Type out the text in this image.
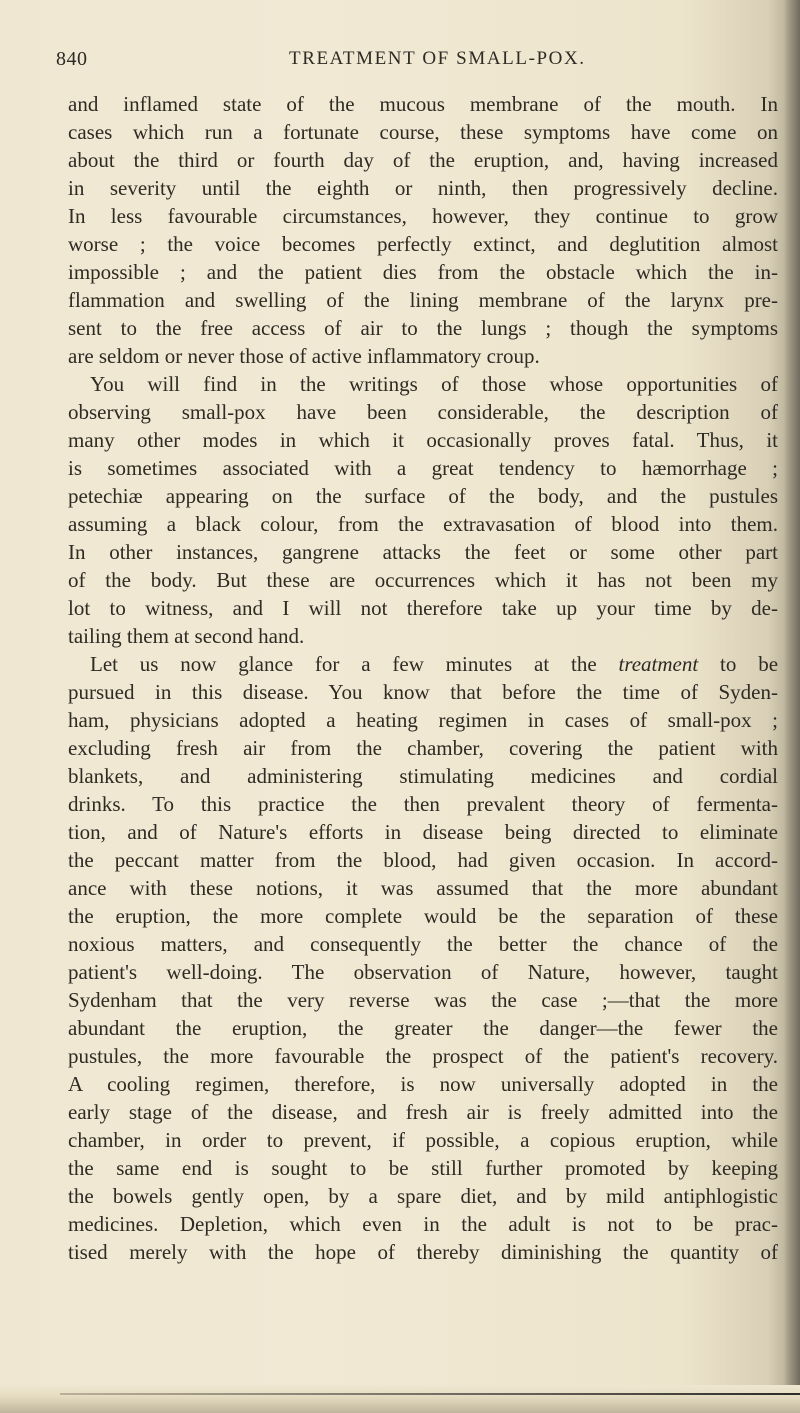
840	TREATMENT OF SMALL-POX.
and inflamed state of the mucous membrane of the mouth. In
cases which run a fortunate course, these symptoms have come on
about the third or fourth day of the eruption, and, having increased
in severity until the eighth or ninth, then progressively decline.
In less favourable circumstances, however, they continue to grow
worse ; the voice becomes perfectly extinct, and deglutition almost
impossible ; and the patient dies from the obstacle which the in-
flammation and swelling of the lining membrane of the larynx pre-
sent to the free access of air to the lungs ; though the symptoms
are seldom or never those of active inflammatory croup.
You will find in the writings of those whose opportunities of
observing small-pox have been considerable, the description of
many other modes in which it occasionally proves fatal. Thus, it
is sometimes associated with a great tendency to hæmorrhage ;
petechiæ appearing on the surface of the body, and the pustules
assuming a black colour, from the extravasation of blood into them.
In other instances, gangrene attacks the feet or some other part
of the body. But these are occurrences which it has not been my
lot to witness, and I will not therefore take up your time by de-
tailing them at second hand.
Let us now glance for a few minutes at the treatment to be
pursued in this disease. You know that before the time of Syden-
ham, physicians adopted a heating regimen in cases of small-pox ;
excluding fresh air from the chamber, covering the patient with
blankets, and administering stimulating medicines and cordial
drinks. To this practice the then prevalent theory of fermenta-
tion, and of Nature's efforts in disease being directed to eliminate
the peccant matter from the blood, had given occasion. In accord-
ance with these notions, it was assumed that the more abundant
the eruption, the more complete would be the separation of these
noxious matters, and consequently the better the chance of the
patient's well-doing. The observation of Nature, however, taught
Sydenham that the very reverse was the case ;—that the more
abundant the eruption, the greater the danger—the fewer the
pustules, the more favourable the prospect of the patient's recovery.
A cooling regimen, therefore, is now universally adopted in the
early stage of the disease, and fresh air is freely admitted into the
chamber, in order to prevent, if possible, a copious eruption, while
the same end is sought to be still further promoted by keeping
the bowels gently open, by a spare diet, and by mild antiphlogistic
medicines. Depletion, which even in the adult is not to be prac-
tised merely with the hope of thereby diminishing the quantity of
